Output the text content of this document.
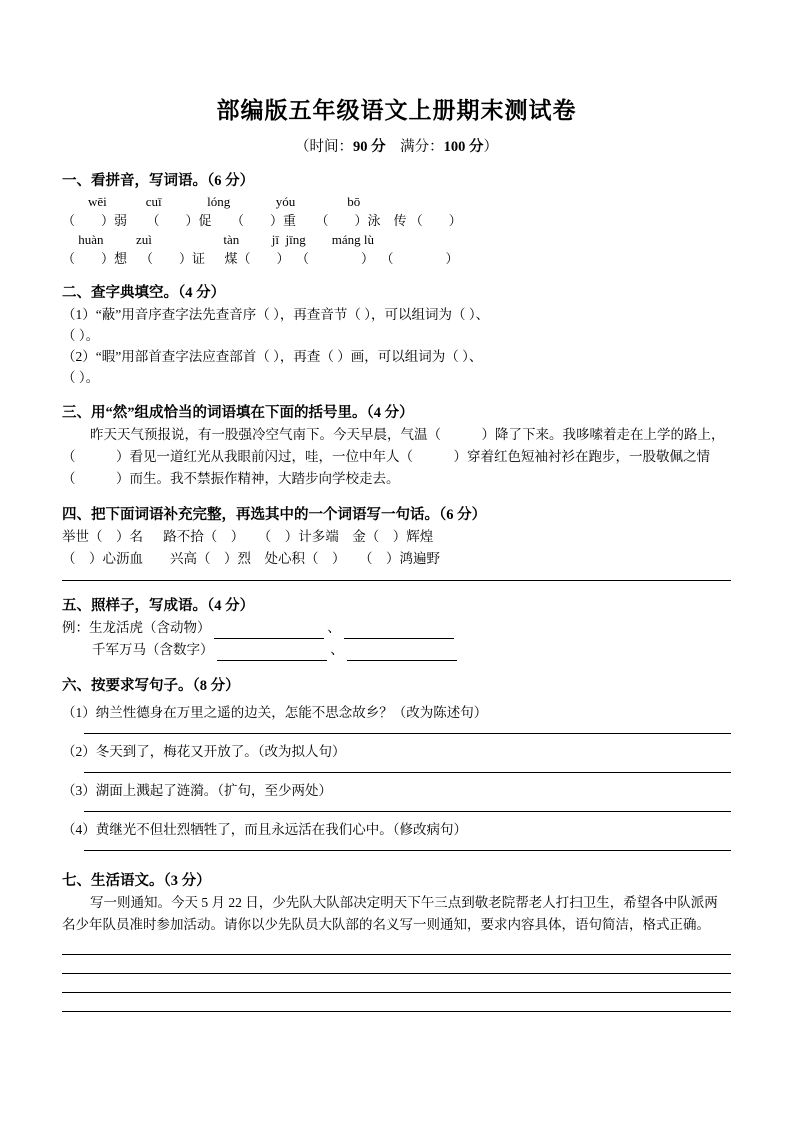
部编版五年级语文上册期末测试卷
（时间：90 分　满分：100 分）
一、看拼音，写词语。（6 分）
wēi            cuī              lóng              yóu                bō
（        ）弱      （        ）促      （        ）重      （        ）泳    传 （        ）
huàn          zuì                      tàn          jī  jīng        máng lù
（        ）想    （        ）证      煤（        ）  （                ）  （                ）
二、查字典填空。（4 分）
（1）“蔽”用音序查字法先查音序（ ），再查音节（ ），可以组词为（ ）、
（ ）。
（2）“暇”用部首查字法应查部首（ ），再查（ ）画，可以组词为（ ）、
（ ）。
三、用“然”组成恰当的词语填在下面的括号里。（4 分）
昨天天气预报说，有一股强冷空气南下。今天早晨，气温（　　　）降了下来。我哆嗦着走在上学的路上，（　　　）看见一道红光从我眼前闪过，哇，一位中年人（　　　）穿着红色短袖衬衫在跑步，一股敬佩之情（　　　）而生。我不禁振作精神，大踏步向学校走去。
四、把下面词语补充完整，再选其中的一个词语写一句话。（6 分）
举世（    ）名      路不拾（    ）    （    ）计多端    金（    ）辉煌
（    ）心沥血        兴高（    ）烈    处心积（    ）    （    ）鸿遍野
五、照样子，写成语。（4 分）
例：生龙活虎（含动物）	、
千军万马（含数字）	、
六、按要求写句子。（8 分）
（1）纳兰性德身在万里之遥的边关，怎能不思念故乡？（改为陈述句）
（2）冬天到了，梅花又开放了。（改为拟人句）
（3）湖面上溅起了涟漪。（扩句，至少两处）
（4）黄继光不但壮烈牺牲了，而且永远活在我们心中。（修改病句）
七、生活语文。（3 分）
写一则通知。今天 5 月 22 日，少先队大队部决定明天下午三点到敬老院帮老人打扫卫生，希望各中队派两名少年队员准时参加活动。请你以少先队员大队部的名义写一则通知，要求内容具体，语句简洁，格式正确。
